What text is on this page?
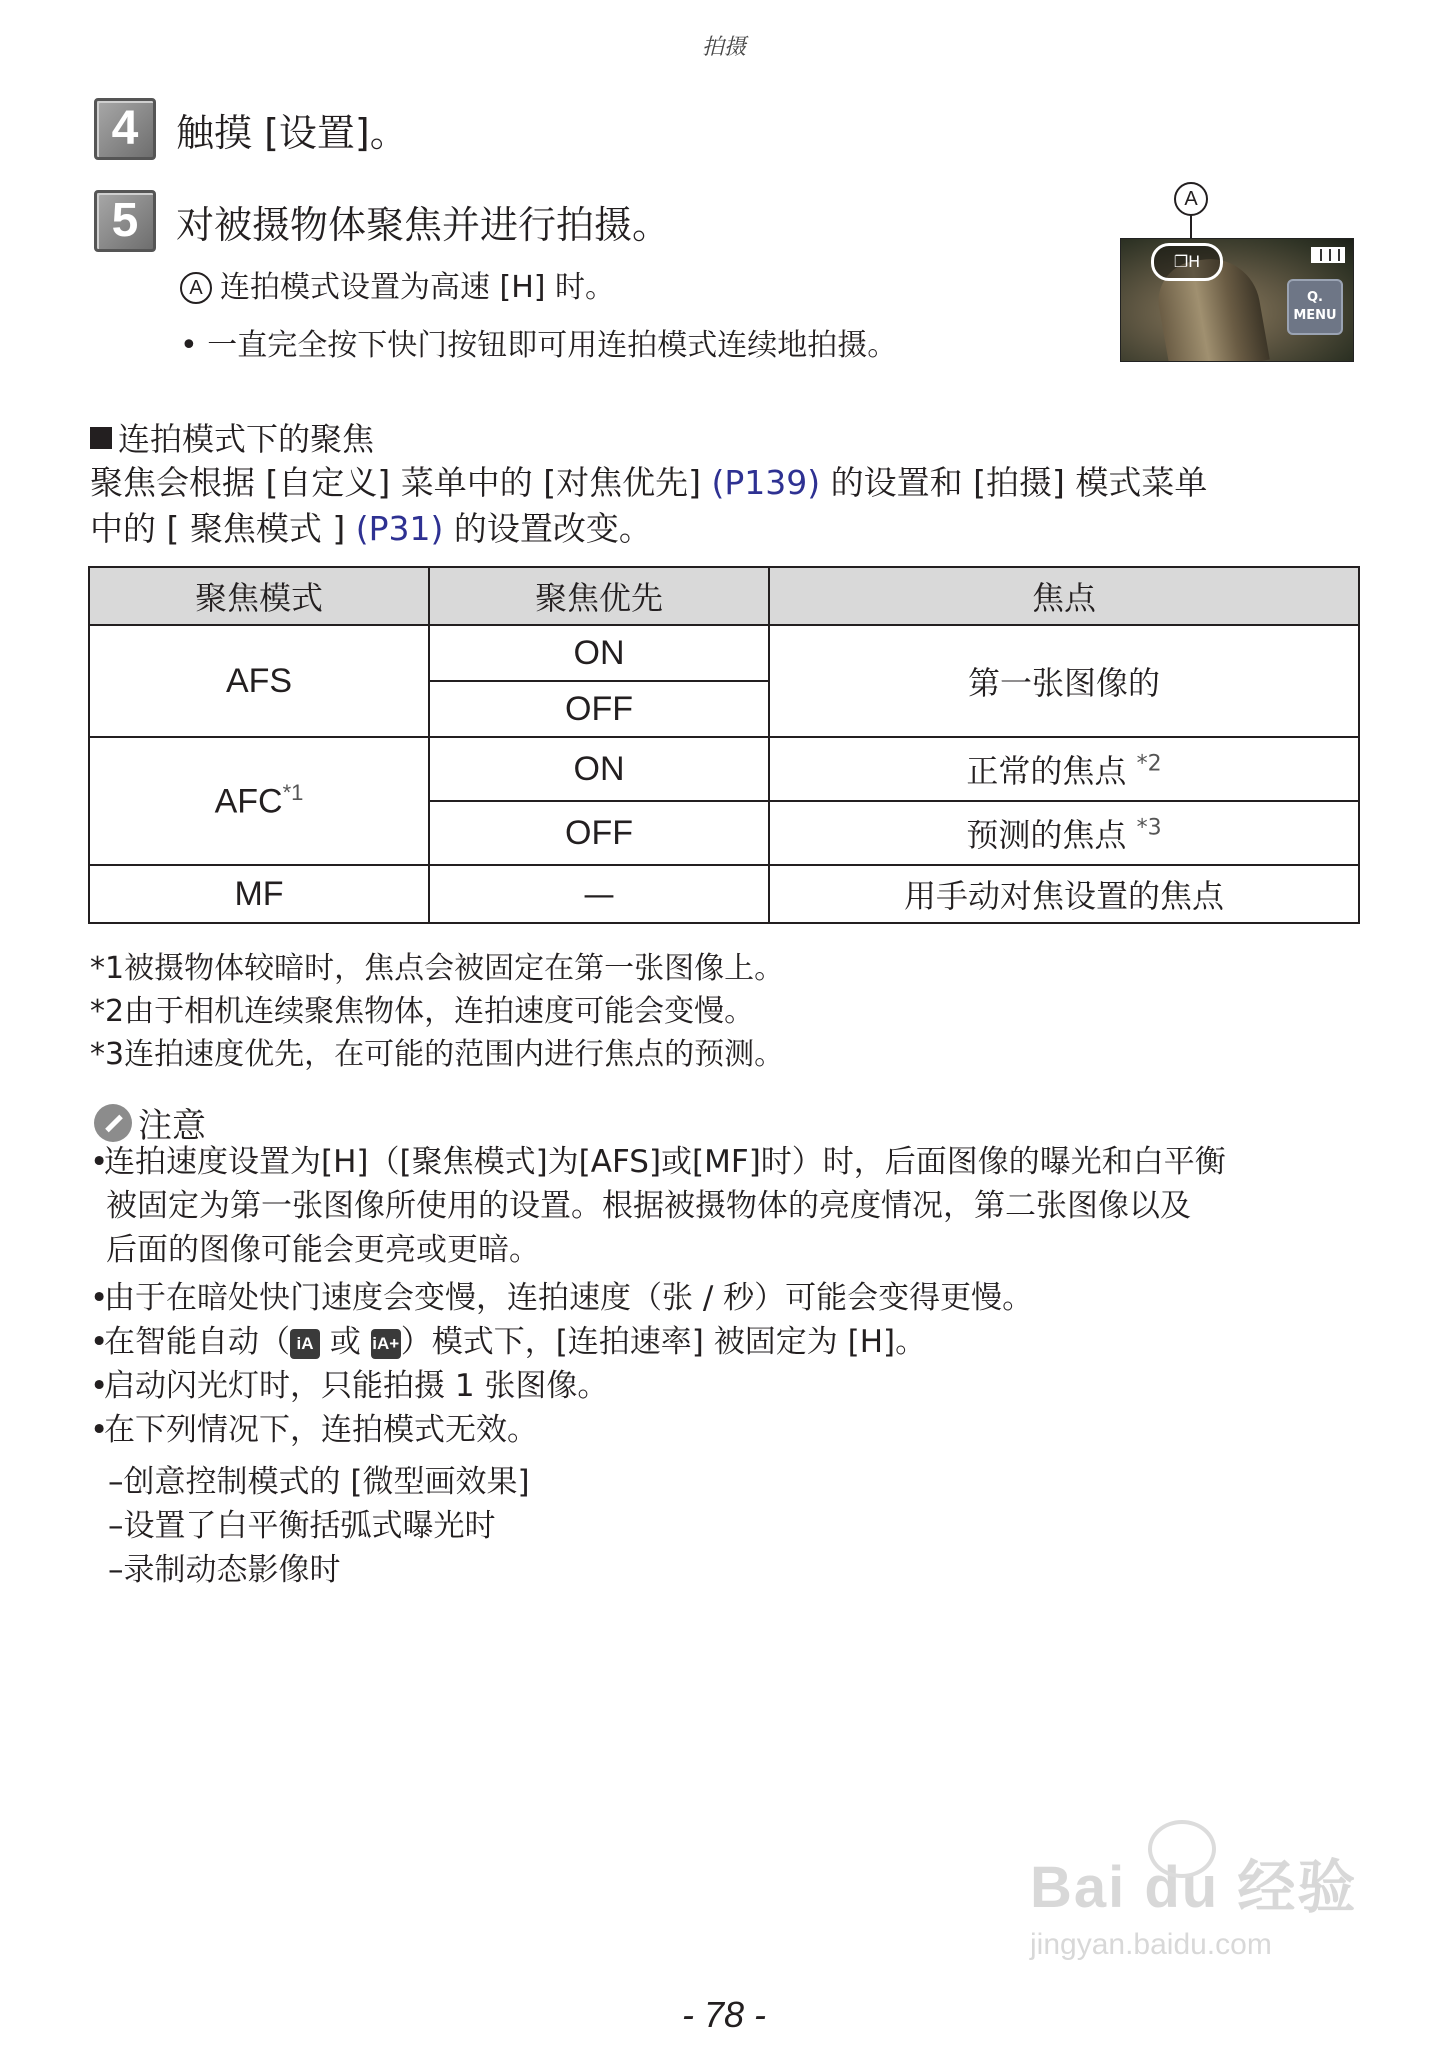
拍摄
4 触摸 [设置]。
5 对被摄物体聚焦并进行拍摄。
A 连拍模式设置为高速 [H] 时。
• 一直完全按下快门按钮即可用连拍模式连续地拍摄。
A
❐H
Q.
MENU
连拍模式下的聚焦
聚焦会根据 [自定义] 菜单中的 [对焦优先] (P139) 的设置和 [拍摄] 模式菜单
中的 [ 聚焦模式 ] (P31) 的设置改变。
聚焦模式	聚焦优先	焦点
AFS	ON	第一张图像的
	OFF	
AFC$^{*1}$	ON	正常的焦点 $^{*2}$
	OFF	预测的焦点 $^{*3}$
MF	—	用手动对焦设置的焦点
*1被摄物体较暗时，焦点会被固定在第一张图像上。
*2由于相机连续聚焦物体，连拍速度可能会变慢。
*3连拍速度优先，在可能的范围内进行焦点的预测。
注意
•连拍速度设置为[H]（[聚焦模式]为[AFS]或[MF]时）时，后面图像的曝光和白平衡
被固定为第一张图像所使用的设置。根据被摄物体的亮度情况，第二张图像以及
后面的图像可能会更亮或更暗。
•由于在暗处快门速度会变慢，连拍速度（张 / 秒）可能会变得更慢。
•在智能自动（ iA 或 iA+）模式下，[连拍速率] 被固定为 [H]。
•启动闪光灯时，只能拍摄 1 张图像。
•在下列情况下，连拍模式无效。
–创意控制模式的 [微型画效果]
–设置了白平衡括弧式曝光时
–录制动态影像时
Bai du 经验
jingyan.baidu.com
- 78 -
